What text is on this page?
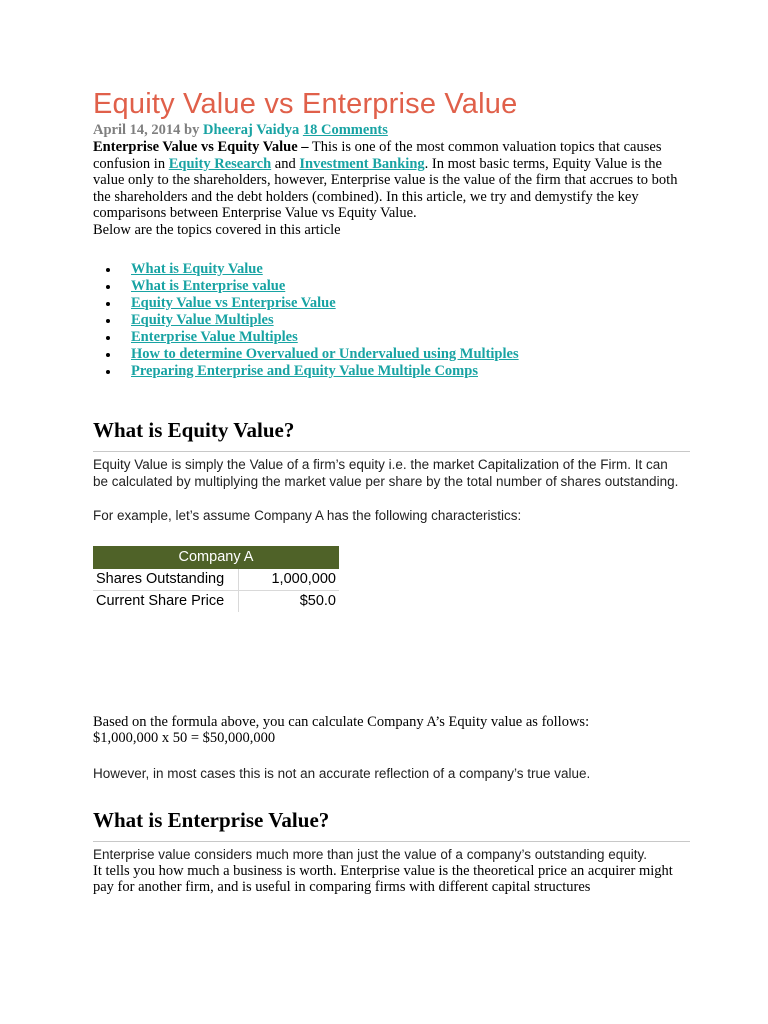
Equity Value vs Enterprise Value
April 14, 2014 by Dheeraj Vaidya 18 Comments

Enterprise Value vs Equity Value – This is one of the most common valuation topics that causes confusion in Equity Research and Investment Banking. In most basic terms, Equity Value is the value only to the shareholders, however, Enterprise value is the value of the firm that accrues to both the shareholders and the debt holders (combined). In this article, we try and demystify the key comparisons between Enterprise Value vs Equity Value.

Below are the topics covered in this article

What is Equity Value
What is Enterprise value
Equity Value vs Enterprise Value
Equity Value Multiples
Enterprise Value Multiples
How to determine Overvalued or Undervalued using Multiples
Preparing Enterprise and Equity Value Multiple Comps
What is Equity Value?

Equity Value is simply the Value of a firm’s equity i.e. the market Capitalization of the Firm. It can be calculated by multiplying the market value per share by the total number of shares outstanding.

For example, let’s assume Company A has the following characteristics:

Company A	
Shares Outstanding	1,000,000
Current Share Price	$50.0

Based on the formula above, you can calculate Company A’s Equity value as follows:

$1,000,000 x 50 = $50,000,000

However, in most cases this is not an accurate reflection of a company’s true value.

What is Enterprise Value?

Enterprise value considers much more than just the value of a company’s outstanding equity.

It tells you how much a business is worth. Enterprise value is the theoretical price an acquirer might pay for another firm, and is useful in comparing firms with different capital structures
